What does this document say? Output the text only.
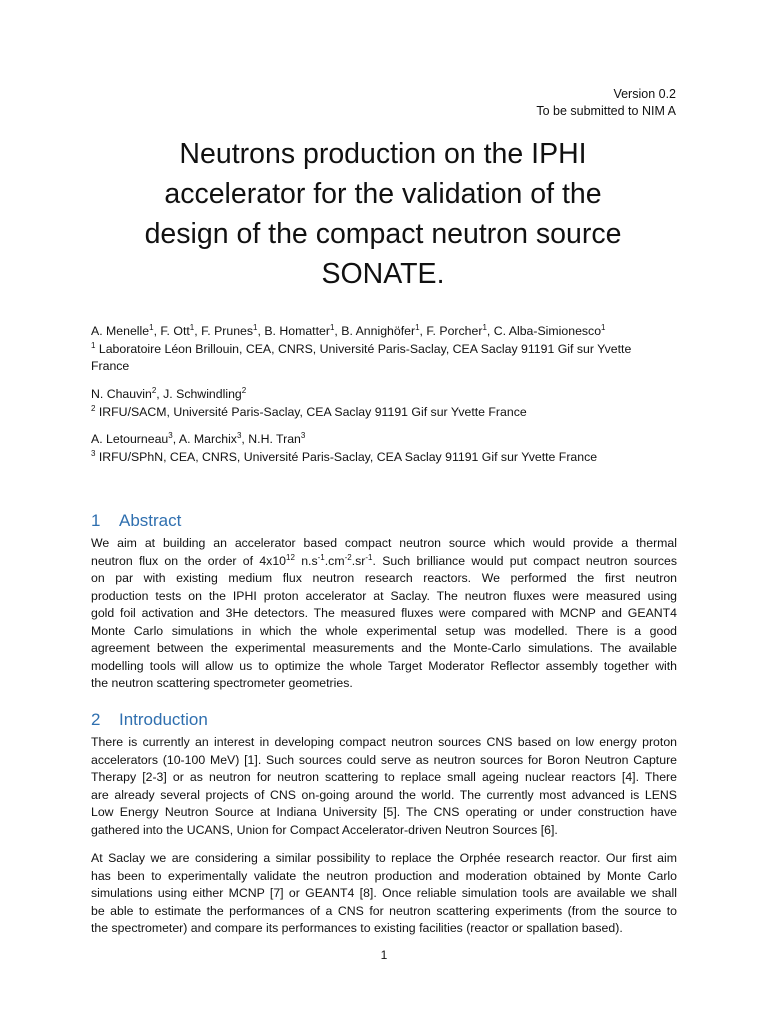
Version 0.2
To be submitted to NIM A
Neutrons production on the IPHI
accelerator for the validation of the
design of the compact neutron source
SONATE.
A. Menelle$^1$, F. Ott$^1$, F. Prunes$^1$, B. Homatter$^1$, B. Annighöfer$^1$, F. Porcher$^1$, C. Alba-Simionesco$^1$
$^1$ Laboratoire Léon Brillouin, CEA, CNRS, Université Paris-Saclay, CEA Saclay 91191 Gif sur Yvette
France
N. Chauvin$^2$, J. Schwindling$^2$
$^2$ IRFU/SACM, Université Paris-Saclay, CEA Saclay 91191 Gif sur Yvette France
A. Letourneau$^3$, A. Marchix$^3$, N.H. Tran$^3$
$^3$ IRFU/SPhN, CEA, CNRS, Université Paris-Saclay, CEA Saclay 91191 Gif sur Yvette France
1 Abstract
We aim at building an accelerator based compact neutron source which would provide a thermal
neutron flux on the order of $4x10^{12}$ $n.s^{-1}.cm^{-2}.sr^{-1}$. Such brilliance would put compact neutron sources
on par with existing medium flux neutron research reactors. We performed the first neutron
production tests on the IPHI proton accelerator at Saclay. The neutron fluxes were measured using
gold foil activation and 3He detectors. The measured fluxes were compared with MCNP and GEANT4
Monte Carlo simulations in which the whole experimental setup was modelled. There is a good
agreement between the experimental measurements and the Monte-Carlo simulations. The available
modelling tools will allow us to optimize the whole Target Moderator Reflector assembly together with
the neutron scattering spectrometer geometries.
2 Introduction
There is currently an interest in developing compact neutron sources CNS based on low energy proton
accelerators (10-100 MeV) [1]. Such sources could serve as neutron sources for Boron Neutron Capture
Therapy [2-3] or as neutron for neutron scattering to replace small ageing nuclear reactors [4]. There
are already several projects of CNS on-going around the world. The currently most advanced is LENS
Low Energy Neutron Source at Indiana University [5]. The CNS operating or under construction have
gathered into the UCANS, Union for Compact Accelerator-driven Neutron Sources [6].
At Saclay we are considering a similar possibility to replace the Orphée research reactor. Our first aim
has been to experimentally validate the neutron production and moderation obtained by Monte Carlo
simulations using either MCNP [7] or GEANT4 [8]. Once reliable simulation tools are available we shall
be able to estimate the performances of a CNS for neutron scattering experiments (from the source to
the spectrometer) and compare its performances to existing facilities (reactor or spallation based).
1
